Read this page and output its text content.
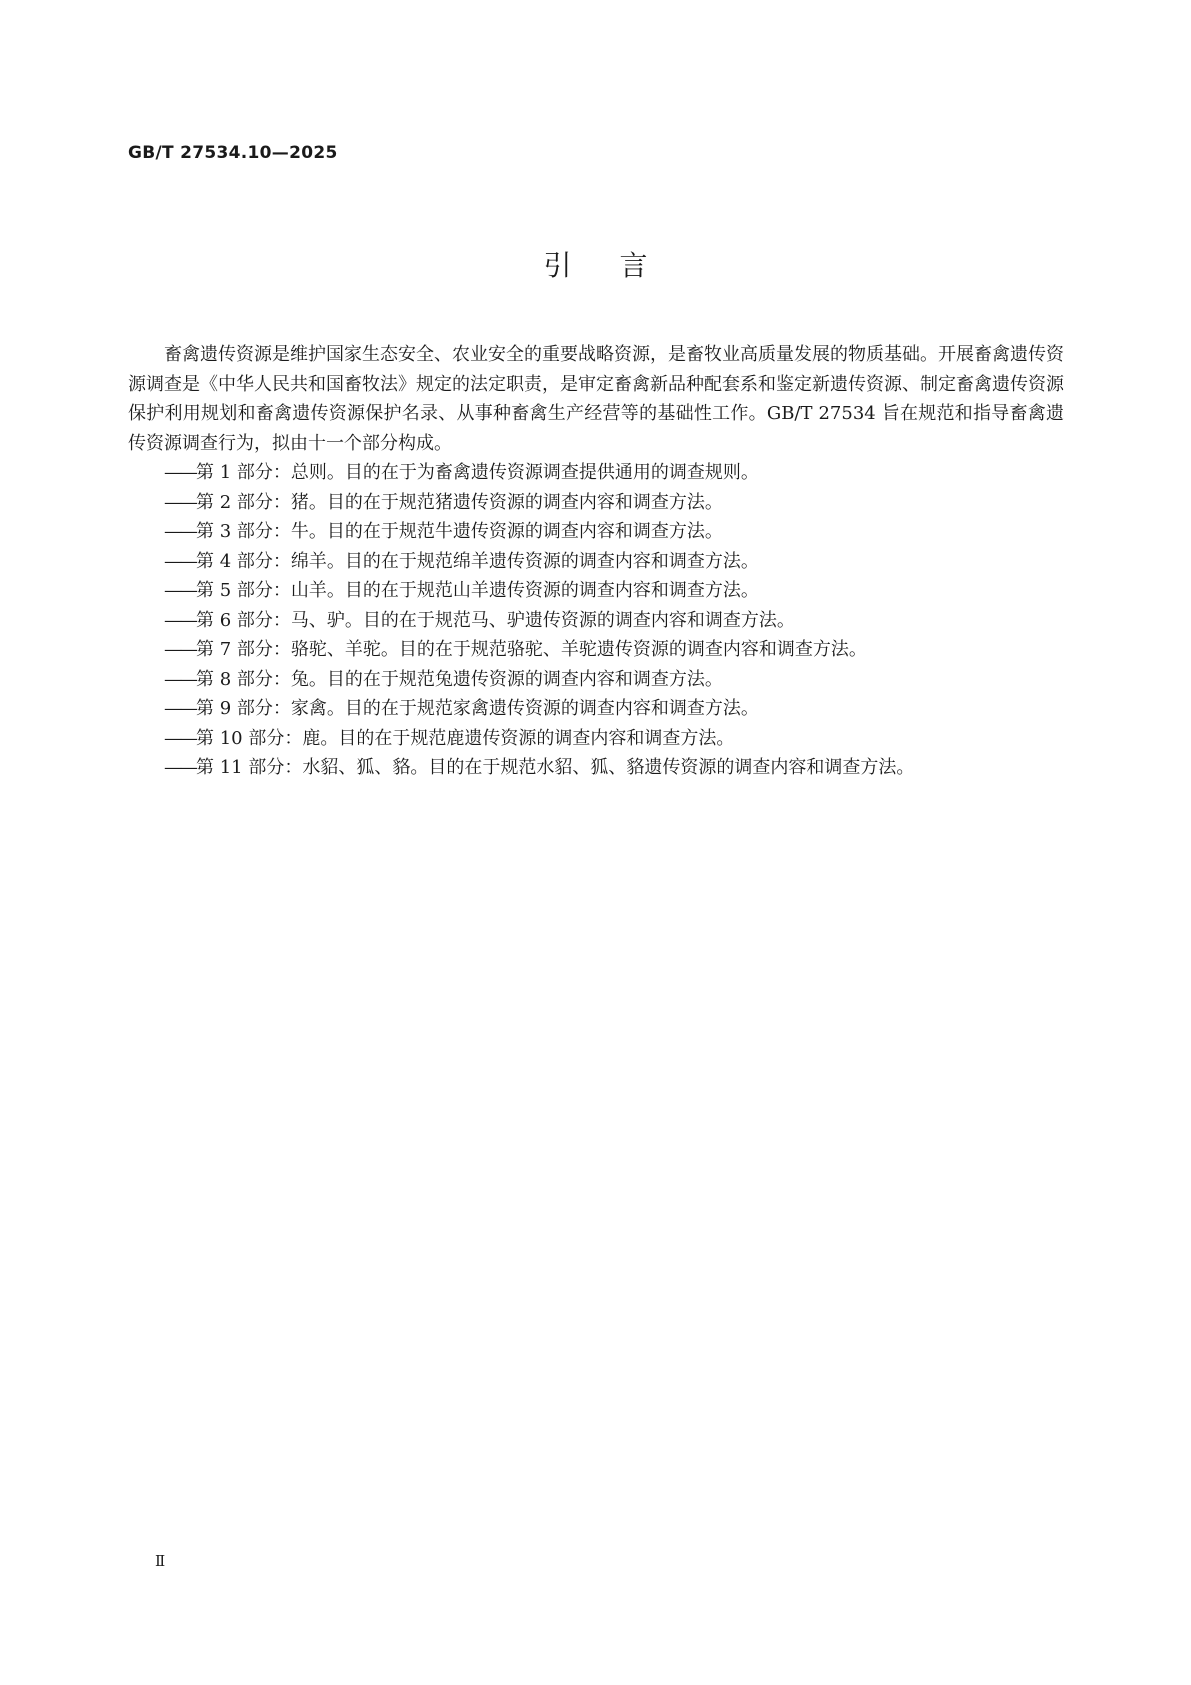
GB/T 27534.10—2025
引言

畜禽遗传资源是维护国家生态安全、农业安全的重要战略资源，是畜牧业高质量发展的物质基础。开展畜禽遗传资源调查是《中华人民共和国畜牧法》规定的法定职责，是审定畜禽新品种配套系和鉴定新遗传资源、制定畜禽遗传资源保护利用规划和畜禽遗传资源保护名录、从事种畜禽生产经营等的基础性工作。GB/T 27534 旨在规范和指导畜禽遗传资源调查行为，拟由十一个部分构成。

——第 1 部分：总则。目的在于为畜禽遗传资源调查提供通用的调查规则。
——第 2 部分：猪。目的在于规范猪遗传资源的调查内容和调查方法。
——第 3 部分：牛。目的在于规范牛遗传资源的调查内容和调查方法。
——第 4 部分：绵羊。目的在于规范绵羊遗传资源的调查内容和调查方法。
——第 5 部分：山羊。目的在于规范山羊遗传资源的调查内容和调查方法。
——第 6 部分：马、驴。目的在于规范马、驴遗传资源的调查内容和调查方法。
——第 7 部分：骆驼、羊驼。目的在于规范骆驼、羊驼遗传资源的调查内容和调查方法。
——第 8 部分：兔。目的在于规范兔遗传资源的调查内容和调查方法。
——第 9 部分：家禽。目的在于规范家禽遗传资源的调查内容和调查方法。
——第 10 部分：鹿。目的在于规范鹿遗传资源的调查内容和调查方法。
——第 11 部分：水貂、狐、貉。目的在于规范水貂、狐、貉遗传资源的调查内容和调查方法。
Ⅱ
